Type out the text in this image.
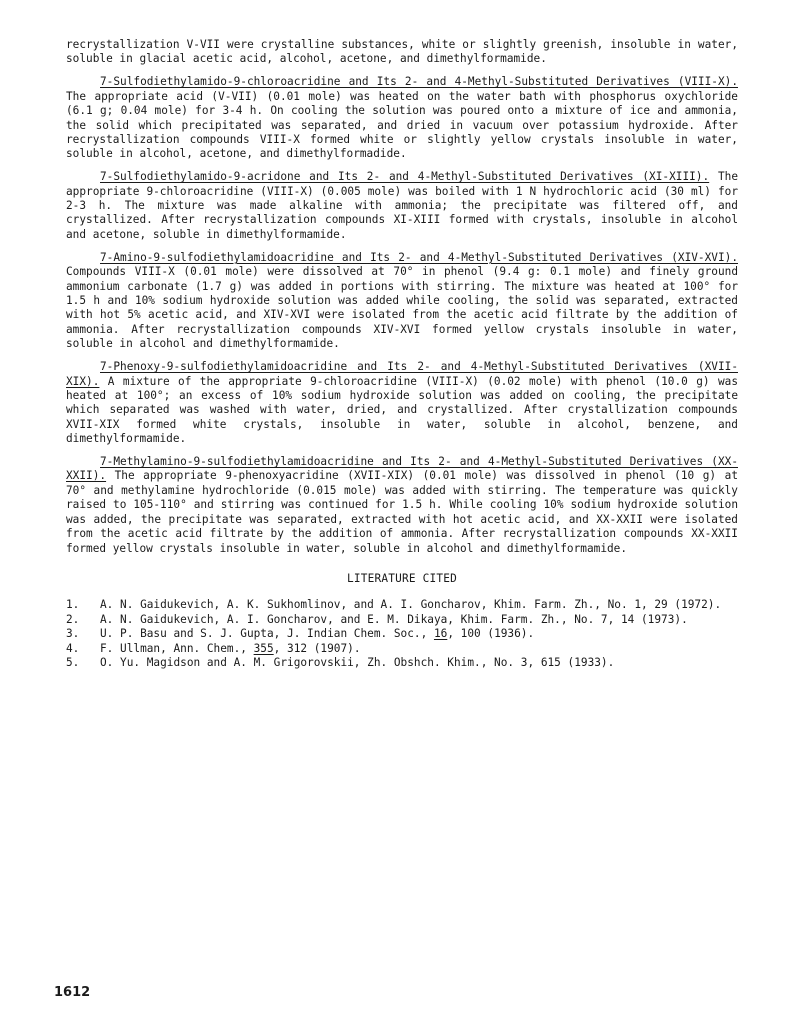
recrystallization V-VII were crystalline substances, white or slightly greenish, insoluble in water, soluble in glacial acetic acid, alcohol, acetone, and dimethylformamide.

7-Sulfodiethylamido-9-chloroacridine and Its 2- and 4-Methyl-Substituted Derivatives (VIII-X). The appropriate acid (V-VII) (0.01 mole) was heated on the water bath with phosphorus oxychloride (6.1 g; 0.04 mole) for 3-4 h. On cooling the solution was poured onto a mixture of ice and ammonia, the solid which precipitated was separated, and dried in vacuum over potassium hydroxide. After recrystallization compounds VIII-X formed white or slightly yellow crystals insoluble in water, soluble in alcohol, acetone, and dimethylformadide.

7-Sulfodiethylamido-9-acridone and Its 2- and 4-Methyl-Substituted Derivatives (XI-XIII). The appropriate 9-chloroacridine (VIII-X) (0.005 mole) was boiled with 1 N hydrochloric acid (30 ml) for 2-3 h. The mixture was made alkaline with ammonia; the precipitate was filtered off, and crystallized. After recrystallization compounds XI-XIII formed with crystals, insoluble in alcohol and acetone, soluble in dimethylformamide.

7-Amino-9-sulfodiethylamidoacridine and Its 2- and 4-Methyl-Substituted Derivatives (XIV-XVI). Compounds VIII-X (0.01 mole) were dissolved at 70° in phenol (9.4 g: 0.1 mole) and finely ground ammonium carbonate (1.7 g) was added in portions with stirring. The mixture was heated at 100° for 1.5 h and 10% sodium hydroxide solution was added while cooling, the solid was separated, extracted with hot 5% acetic acid, and XIV-XVI were isolated from the acetic acid filtrate by the addition of ammonia. After recrystallization compounds XIV-XVI formed yellow crystals insoluble in water, soluble in alcohol and dimethylformamide.

7-Phenoxy-9-sulfodiethylamidoacridine and Its 2- and 4-Methyl-Substituted Derivatives (XVII-XIX). A mixture of the appropriate 9-chloroacridine (VIII-X) (0.02 mole) with phenol (10.0 g) was heated at 100°; an excess of 10% sodium hydroxide solution was added on cooling, the precipitate which separated was washed with water, dried, and crystallized. After crystallization compounds XVII-XIX formed white crystals, insoluble in water, soluble in alcohol, benzene, and dimethylformamide.

7-Methylamino-9-sulfodiethylamidoacridine and Its 2- and 4-Methyl-Substituted Derivatives (XX-XXII). The appropriate 9-phenoxyacridine (XVII-XIX) (0.01 mole) was dissolved in phenol (10 g) at 70° and methylamine hydrochloride (0.015 mole) was added with stirring. The temperature was quickly raised to 105-110° and stirring was continued for 1.5 h. While cooling 10% sodium hydroxide solution was added, the precipitate was separated, extracted with hot acetic acid, and XX-XXII were isolated from the acetic acid filtrate by the addition of ammonia. After recrystallization compounds XX-XXII formed yellow crystals insoluble in water, soluble in alcohol and dimethylformamide.

LITERATURE CITED
1.	A. N. Gaidukevich, A. K. Sukhomlinov, and A. I. Goncharov, Khim. Farm. Zh., No. 1, 29 (1972).
2.	A. N. Gaidukevich, A. I. Goncharov, and E. M. Dikaya, Khim. Farm. Zh., No. 7, 14 (1973).
3.	U. P. Basu and S. J. Gupta, J. Indian Chem. Soc., 16, 100 (1936).
4.	F. Ullman, Ann. Chem., 355, 312 (1907).
5.	O. Yu. Magidson and A. M. Grigorovskii, Zh. Obshch. Khim., No. 3, 615 (1933).
1612
